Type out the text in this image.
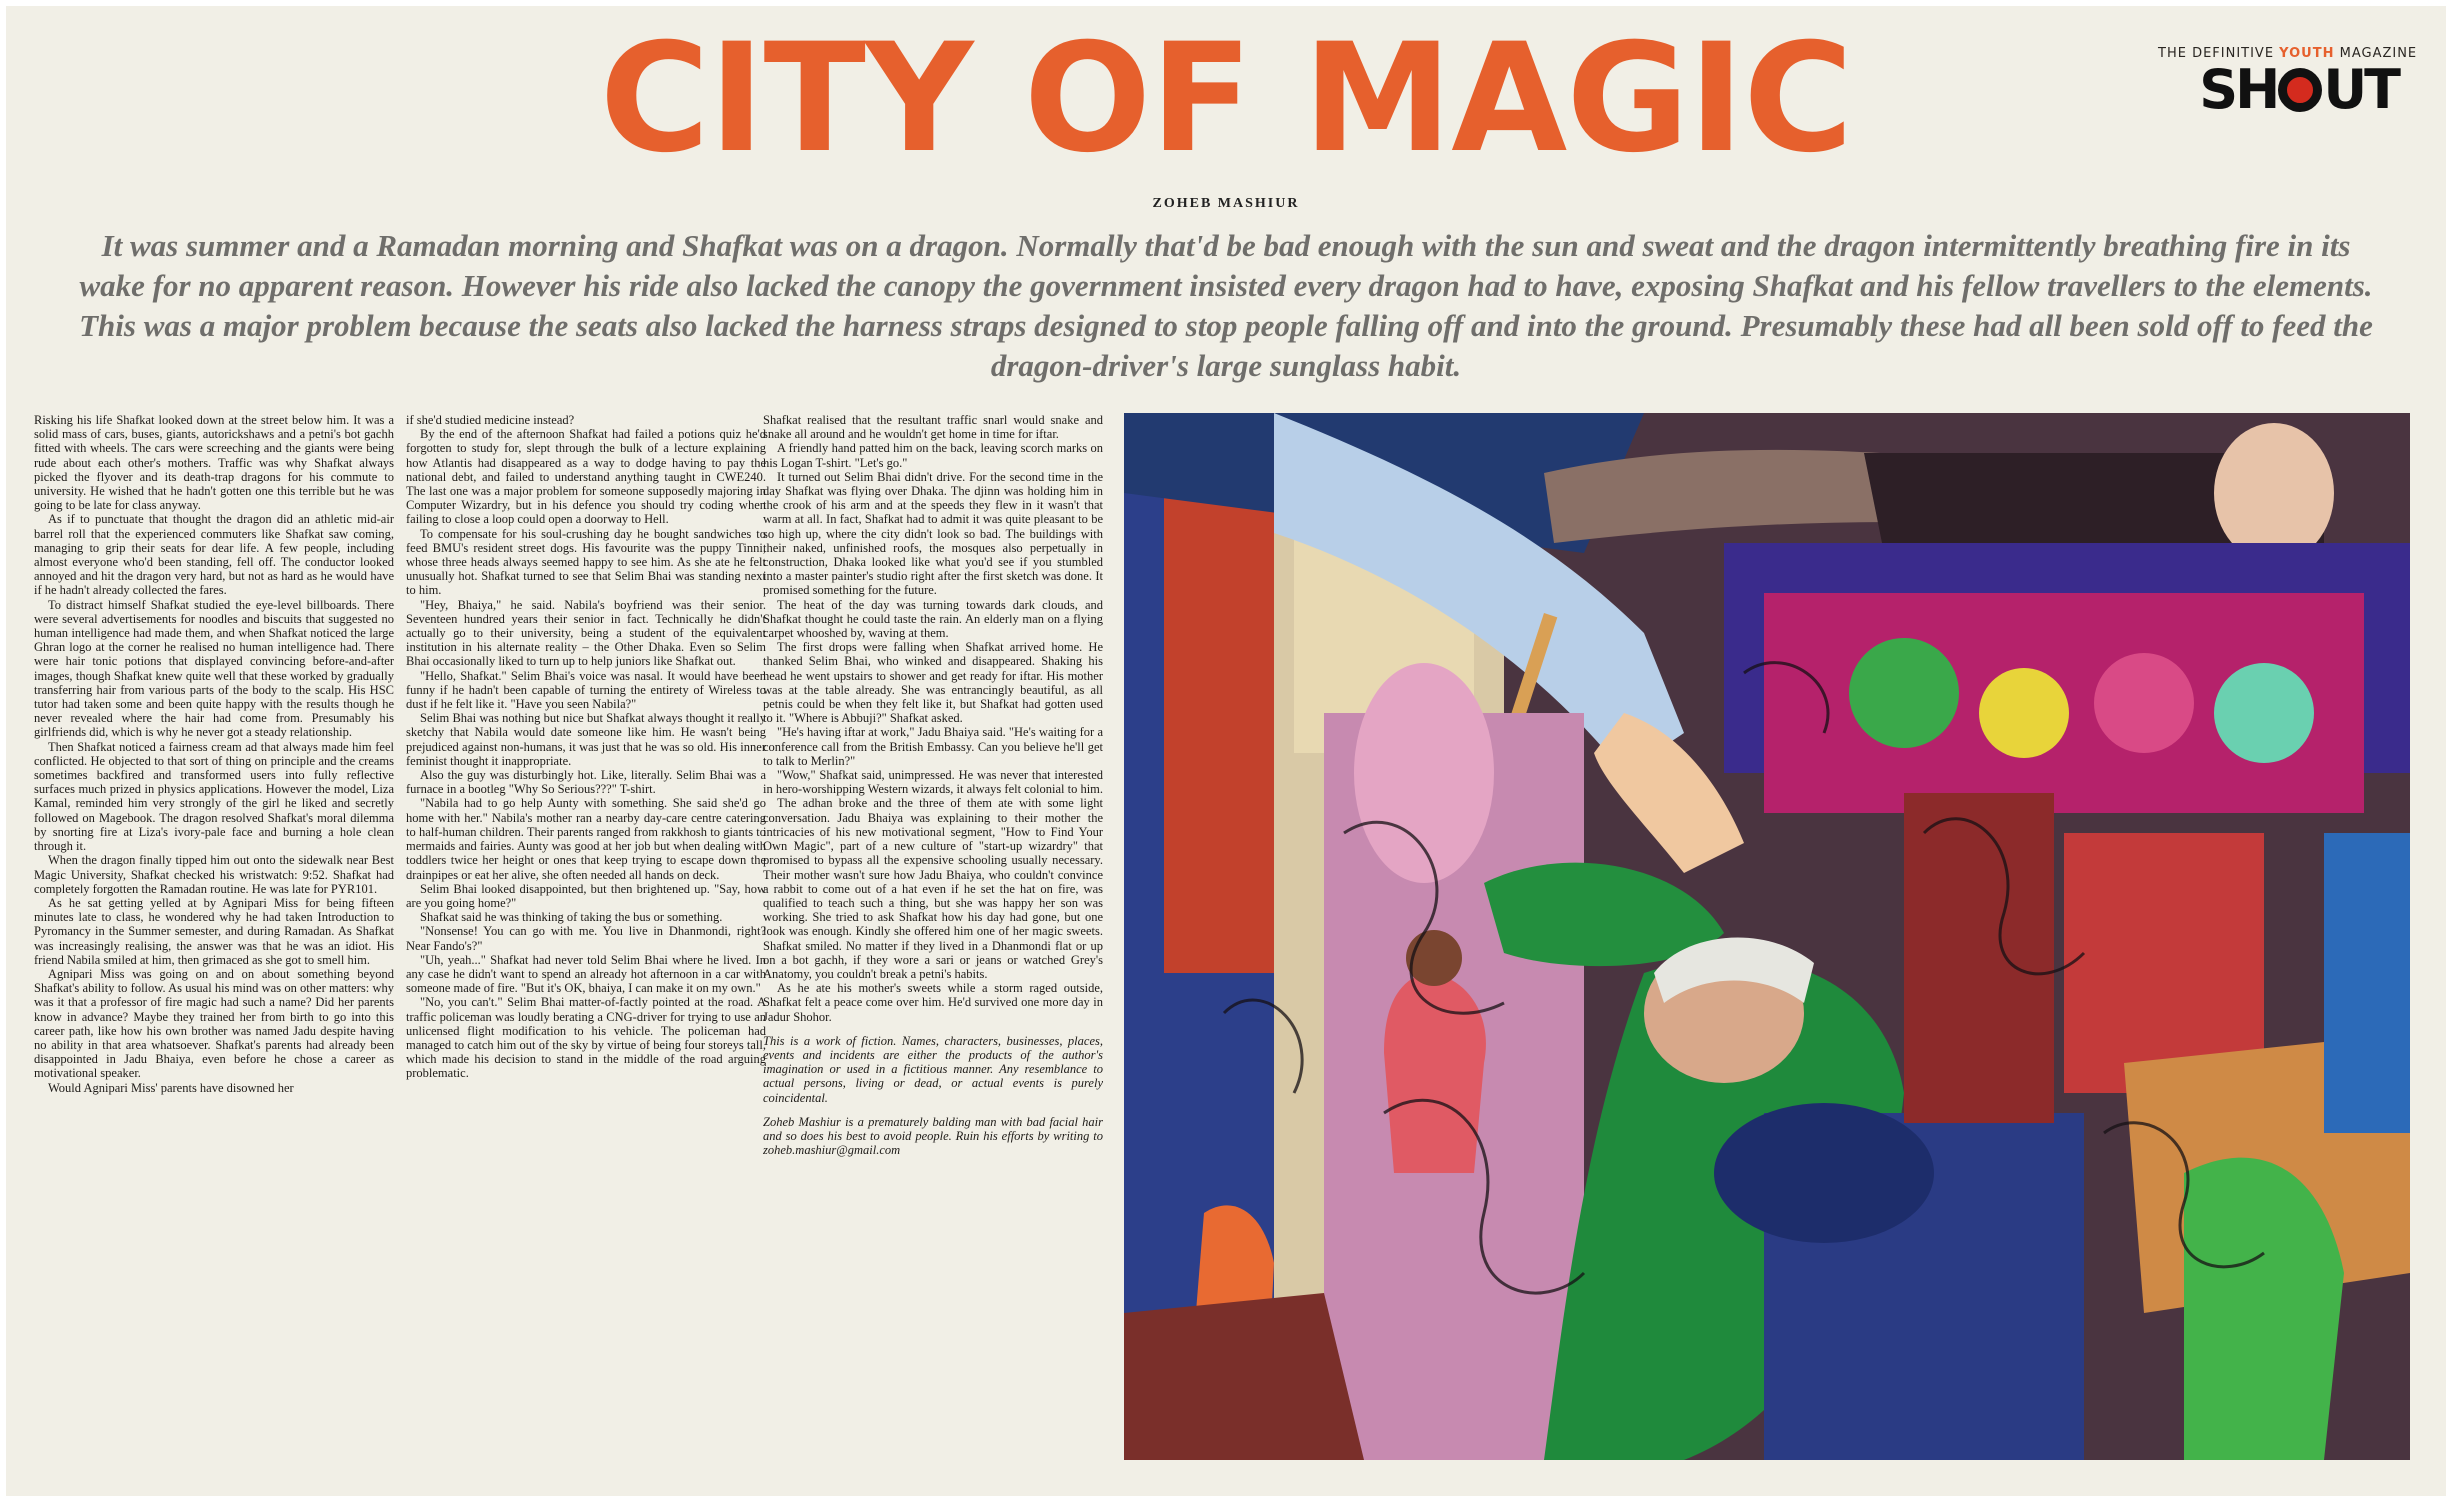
CITY OF MAGIC	THE DEFINITIVE YOUTH MAGAZINE
SH UT
ZOHEB MASHIUR

It was summer and a Ramadan morning and Shafkat was on a dragon. Normally that'd be bad enough with the sun and sweat and the dragon intermittently breathing fire in its wake for no apparent reason. However his ride also lacked the canopy the government insisted every dragon had to have, exposing Shafkat and his fellow travellers to the elements. This was a major problem because the seats also lacked the harness straps designed to stop people falling off and into the ground. Presumably these had all been sold off to feed the dragon-driver's large sunglass habit.

Risking his life Shafkat looked down at the street below him. It was a solid mass of cars, buses, giants, autorickshaws and a petni's bot gachh fitted with wheels. The cars were screeching and the giants were being rude about each other's mothers. Traffic was why Shafkat always picked the flyover and its death-trap dragons for his commute to university. He wished that he hadn't gotten one this terrible but he was going to be late for class anyway.

As if to punctuate that thought the dragon did an athletic mid-air barrel roll that the experienced commuters like Shafkat saw coming, managing to grip their seats for dear life. A few people, including almost everyone who'd been standing, fell off. The conductor looked annoyed and hit the dragon very hard, but not as hard as he would have if he hadn't already collected the fares.

To distract himself Shafkat studied the eye-level billboards. There were several advertisements for noodles and biscuits that suggested no human intelligence had made them, and when Shafkat noticed the large Ghran logo at the corner he realised no human intelligence had. There were hair tonic potions that displayed convincing before-and-after images, though Shafkat knew quite well that these worked by gradually transferring hair from various parts of the body to the scalp. His HSC tutor had taken some and been quite happy with the results though he never revealed where the hair had come from. Presumably his girlfriends did, which is why he never got a steady relationship.

Then Shafkat noticed a fairness cream ad that always made him feel conflicted. He objected to that sort of thing on principle and the creams sometimes backfired and transformed users into fully reflective surfaces much prized in physics applications. However the model, Liza Kamal, reminded him very strongly of the girl he liked and secretly followed on Magebook. The dragon resolved Shafkat's moral dilemma by snorting fire at Liza's ivory-pale face and burning a hole clean through it.

When the dragon finally tipped him out onto the sidewalk near Best Magic University, Shafkat checked his wristwatch: 9:52. Shafkat had completely forgotten the Ramadan routine. He was late for PYR101.

As he sat getting yelled at by Agnipari Miss for being fifteen minutes late to class, he wondered why he had taken Introduction to Pyromancy in the Summer semester, and during Ramadan. As Shafkat was increasingly realising, the answer was that he was an idiot. His friend Nabila smiled at him, then grimaced as she got to smell him.

Agnipari Miss was going on and on about something beyond Shafkat's ability to follow. As usual his mind was on other matters: why was it that a professor of fire magic had such a name? Did her parents know in advance? Maybe they trained her from birth to go into this career path, like how his own brother was named Jadu despite having no ability in that area whatsoever. Shafkat's parents had already been disappointed in Jadu Bhaiya, even before he chose a career as motivational speaker.

Would Agnipari Miss' parents have disowned her

if she'd studied medicine instead?

By the end of the afternoon Shafkat had failed a potions quiz he'd forgotten to study for, slept through the bulk of a lecture explaining how Atlantis had disappeared as a way to dodge having to pay the national debt, and failed to understand anything taught in CWE240. The last one was a major problem for someone supposedly majoring in Computer Wizardry, but in his defence you should try coding when failing to close a loop could open a doorway to Hell.

To compensate for his soul-crushing day he bought sandwiches to feed BMU's resident street dogs. His favourite was the puppy Tinni, whose three heads always seemed happy to see him. As she ate he felt unusually hot. Shafkat turned to see that Selim Bhai was standing next to him.

"Hey, Bhaiya," he said. Nabila's boyfriend was their senior. Seventeen hundred years their senior in fact. Technically he didn't actually go to their university, being a student of the equivalent institution in his alternate reality – the Other Dhaka. Even so Selim Bhai occasionally liked to turn up to help juniors like Shafkat out.

"Hello, Shafkat." Selim Bhai's voice was nasal. It would have been funny if he hadn't been capable of turning the entirety of Wireless to dust if he felt like it. "Have you seen Nabila?"

Selim Bhai was nothing but nice but Shafkat always thought it really sketchy that Nabila would date someone like him. He wasn't being prejudiced against non-humans, it was just that he was so old. His inner feminist thought it inappropriate.

Also the guy was disturbingly hot. Like, literally. Selim Bhai was a furnace in a bootleg "Why So Serious???" T-shirt.

"Nabila had to go help Aunty with something. She said she'd go home with her." Nabila's mother ran a nearby day-care centre catering to half-human children. Their parents ranged from rakkhosh to giants to mermaids and fairies. Aunty was good at her job but when dealing with toddlers twice her height or ones that keep trying to escape down the drainpipes or eat her alive, she often needed all hands on deck.

Selim Bhai looked disappointed, but then brightened up. "Say, how are you going home?"

Shafkat said he was thinking of taking the bus or something.

"Nonsense! You can go with me. You live in Dhanmondi, right? Near Fando's?"

"Uh, yeah..." Shafkat had never told Selim Bhai where he lived. In any case he didn't want to spend an already hot afternoon in a car with someone made of fire. "But it's OK, bhaiya, I can make it on my own."

"No, you can't." Selim Bhai matter-of-factly pointed at the road. A traffic policeman was loudly berating a CNG-driver for trying to use an unlicensed flight modification to his vehicle. The policeman had managed to catch him out of the sky by virtue of being four storeys tall, which made his decision to stand in the middle of the road arguing problematic.

Shafkat realised that the resultant traffic snarl would snake and snake all around and he wouldn't get home in time for iftar.

A friendly hand patted him on the back, leaving scorch marks on his Logan T-shirt. "Let's go."

It turned out Selim Bhai didn't drive. For the second time in the day Shafkat was flying over Dhaka. The djinn was holding him in the crook of his arm and at the speeds they flew in it wasn't that warm at all. In fact, Shafkat had to admit it was quite pleasant to be so high up, where the city didn't look so bad. The buildings with their naked, unfinished roofs, the mosques also perpetually in construction, Dhaka looked like what you'd see if you stumbled into a master painter's studio right after the first sketch was done. It promised something for the future.

The heat of the day was turning towards dark clouds, and Shafkat thought he could taste the rain. An elderly man on a flying carpet whooshed by, waving at them.

The first drops were falling when Shafkat arrived home. He thanked Selim Bhai, who winked and disappeared. Shaking his head he went upstairs to shower and get ready for iftar. His mother was at the table already. She was entrancingly beautiful, as all petnis could be when they felt like it, but Shafkat had gotten used to it. "Where is Abbuji?" Shafkat asked.

"He's having iftar at work," Jadu Bhaiya said. "He's waiting for a conference call from the British Embassy. Can you believe he'll get to talk to Merlin?"

"Wow," Shafkat said, unimpressed. He was never that interested in hero-worshipping Western wizards, it always felt colonial to him.

The adhan broke and the three of them ate with some light conversation. Jadu Bhaiya was explaining to their mother the intricacies of his new motivational segment, "How to Find Your Own Magic", part of a new culture of "start-up wizardry" that promised to bypass all the expensive schooling usually necessary. Their mother wasn't sure how Jadu Bhaiya, who couldn't convince a rabbit to come out of a hat even if he set the hat on fire, was qualified to teach such a thing, but she was happy her son was working. She tried to ask Shafkat how his day had gone, but one look was enough. Kindly she offered him one of her magic sweets. Shafkat smiled. No matter if they lived in a Dhanmondi flat or up on a bot gachh, if they wore a sari or jeans or watched Grey's Anatomy, you couldn't break a petni's habits.

As he ate his mother's sweets while a storm raged outside, Shafkat felt a peace come over him. He'd survived one more day in Jadur Shohor.

This is a work of fiction. Names, characters, businesses, places, events and incidents are either the products of the author's imagination or used in a fictitious manner. Any resemblance to actual persons, living or dead, or actual events is purely coincidental.

Zoheb Mashiur is a prematurely balding man with bad facial hair and so does his best to avoid people. Ruin his efforts by writing to zoheb.mashiur@gmail.com
